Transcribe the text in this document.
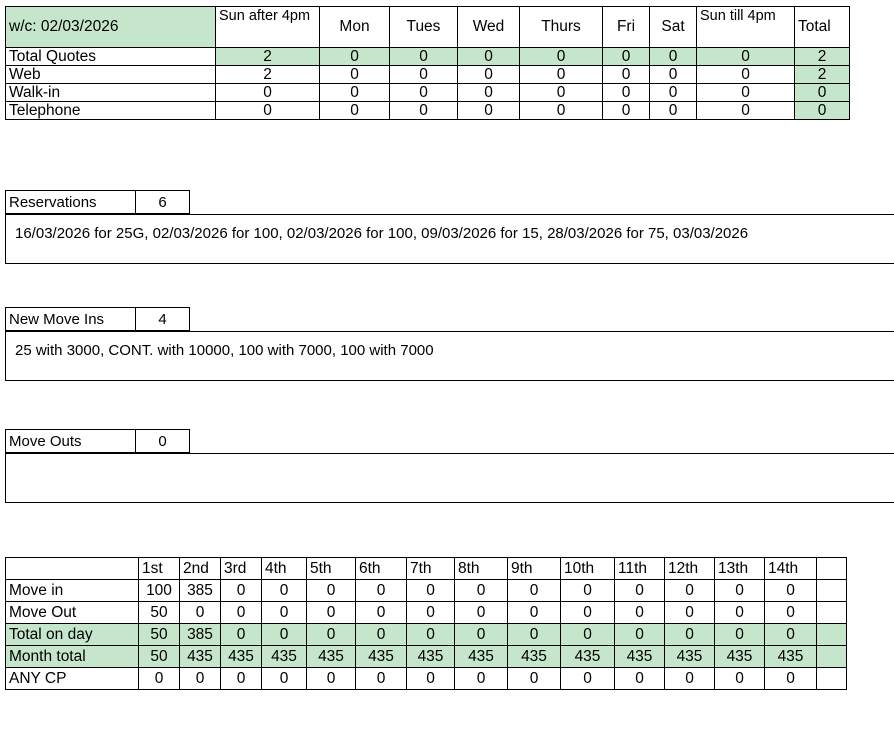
w/c: 02/03/2026	Sun after 4pm	Mon	Tues	Wed	Thurs	Fri	Sat	Sun till 4pm	Total
Total Quotes	2	0	0	0	0	0	0	0	2
Web	2	0	0	0	0	0	0	0	2
Walk-in	0	0	0	0	0	0	0	0	0
Telephone	0	0	0	0	0	0	0	0	0
Reservations	6
16/03/2026 for 25G, 02/03/2026 for 100, 02/03/2026 for 100, 09/03/2026 for 15, 28/03/2026 for 75, 03/03/2026
New Move Ins	4
25 with 3000, CONT. with 10000, 100 with 7000, 100 with 7000
Move Outs	0
	1st	2nd	3rd	4th	5th	6th	7th	8th	9th	10th	11th	12th	13th	14th	
Move in	100	385	0	0	0	0	0	0	0	0	0	0	0	0	
Move Out	50	0	0	0	0	0	0	0	0	0	0	0	0	0	
Total on day	50	385	0	0	0	0	0	0	0	0	0	0	0	0	
Month total	50	435	435	435	435	435	435	435	435	435	435	435	435	435	
ANY CP	0	0	0	0	0	0	0	0	0	0	0	0	0	0	
